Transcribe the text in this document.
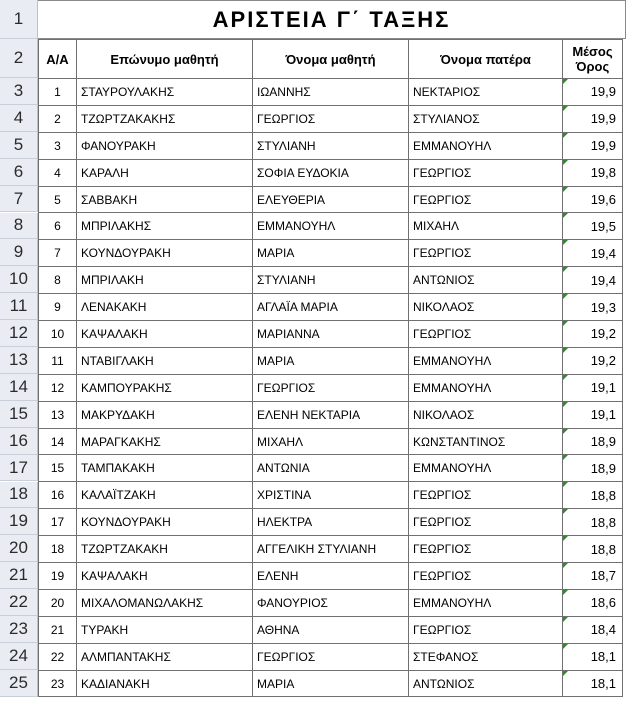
1
2
3
4
5
6
7
8
9
10
11
12
13
14
15
16
17
18
19
20
21
22
23
24
25
ΑΡΙΣΤΕΙΑ Γ΄ ΤΑΞΗΣ
Α/Α	Επώνυμο μαθητή	Όνομα μαθητή	Όνομα πατέρα	Μέσος Όρος
1	ΣΤΑΥΡΟΥΛΑΚΗΣ	ΙΩΑΝΝΗΣ	ΝΕΚΤΑΡΙΟΣ	19,9
2	ΤΖΩΡΤΖΑΚΑΚΗΣ	ΓΕΩΡΓΙΟΣ	ΣΤΥΛΙΑΝΟΣ	19,9
3	ΦΑΝΟΥΡΑΚΗ	ΣΤΥΛΙΑΝΗ	ΕΜΜΑΝΟΥΗΛ	19,9
4	ΚΑΡΑΛΗ	ΣΟΦΙΑ ΕΥΔΟΚΙΑ	ΓΕΩΡΓΙΟΣ	19,8
5	ΣΑΒΒΑΚΗ	ΕΛΕΥΘΕΡΙΑ	ΓΕΩΡΓΙΟΣ	19,6
6	ΜΠΡΙΛΑΚΗΣ	ΕΜΜΑΝΟΥΗΛ	ΜΙΧΑΗΛ	19,5
7	ΚΟΥΝΔΟΥΡΑΚΗ	ΜΑΡΙΑ	ΓΕΩΡΓΙΟΣ	19,4
8	ΜΠΡΙΛΑΚΗ	ΣΤΥΛΙΑΝΗ	ΑΝΤΩΝΙΟΣ	19,4
9	ΛΕΝΑΚΑΚΗ	ΑΓΛΑΪΑ ΜΑΡΙΑ	ΝΙΚΟΛΑΟΣ	19,3
10	ΚΑΨΑΛΑΚΗ	ΜΑΡΙΑΝΝΑ	ΓΕΩΡΓΙΟΣ	19,2
11	ΝΤΑΒΙΓΛΑΚΗ	ΜΑΡΙΑ	ΕΜΜΑΝΟΥΗΛ	19,2
12	ΚΑΜΠΟΥΡΑΚΗΣ	ΓΕΩΡΓΙΟΣ	ΕΜΜΑΝΟΥΗΛ	19,1
13	ΜΑΚΡΥΔΑΚΗ	ΕΛΕΝΗ ΝΕΚΤΑΡΙΑ	ΝΙΚΟΛΑΟΣ	19,1
14	ΜΑΡΑΓΚΑΚΗΣ	ΜΙΧΑΗΛ	ΚΩΝΣΤΑΝΤΙΝΟΣ	18,9
15	ΤΑΜΠΑΚΑΚΗ	ΑΝΤΩΝΙΑ	ΕΜΜΑΝΟΥΗΛ	18,9
16	ΚΑΛΑΪΤΖΑΚΗ	ΧΡΙΣΤΙΝΑ	ΓΕΩΡΓΙΟΣ	18,8
17	ΚΟΥΝΔΟΥΡΑΚΗ	ΗΛΕΚΤΡΑ	ΓΕΩΡΓΙΟΣ	18,8
18	ΤΖΩΡΤΖΑΚΑΚΗ	ΑΓΓΕΛΙΚΗ ΣΤΥΛΙΑΝΗ	ΓΕΩΡΓΙΟΣ	18,8
19	ΚΑΨΑΛΑΚΗ	ΕΛΕΝΗ	ΓΕΩΡΓΙΟΣ	18,7
20	ΜΙΧΑΛΟΜΑΝΩΛΑΚΗΣ	ΦΑΝΟΥΡΙΟΣ	ΕΜΜΑΝΟΥΗΛ	18,6
21	ΤΥΡΑΚΗ	ΑΘΗΝΑ	ΓΕΩΡΓΙΟΣ	18,4
22	ΑΛΜΠΑΝΤΑΚΗΣ	ΓΕΩΡΓΙΟΣ	ΣΤΕΦΑΝΟΣ	18,1
23	ΚΑΔΙΑΝΑΚΗ	ΜΑΡΙΑ	ΑΝΤΩΝΙΟΣ	18,1
